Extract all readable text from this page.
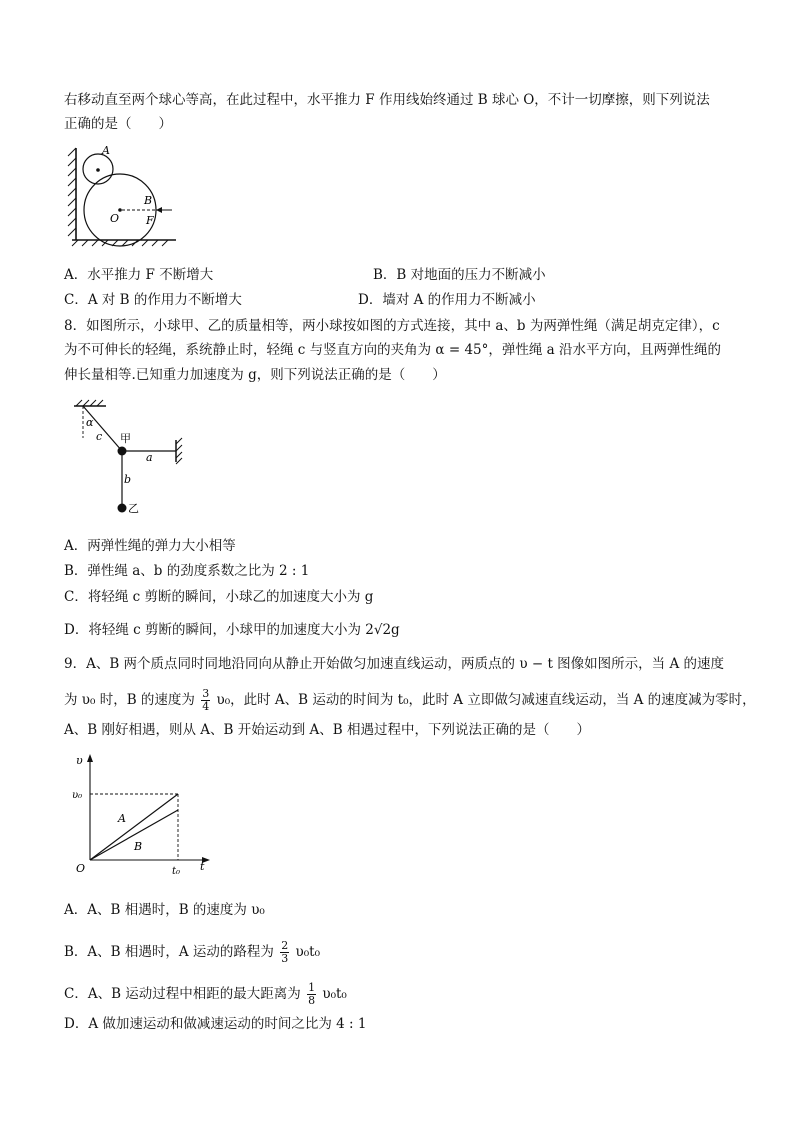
右移动直至两个球心等高，在此过程中，水平推力 F 作用线始终通过 B 球心 O，不计一切摩擦，则下列说法
正确的是（　　）
A
B
O F
A．水平推力 F 不断增大	B．B 对地面的压力不断减小
C．A 对 B 的作用力不断增大	D．墙对 A 的作用力不断减小
8．如图所示，小球甲、乙的质量相等，两小球按如图的方式连接，其中 a、b 为两弹性绳（满足胡克定律），c
为不可伸长的轻绳，系统静止时，轻绳 c 与竖直方向的夹角为 α = 45°，弹性绳 a 沿水平方向，且两弹性绳的
伸长量相等.已知重力加速度为 g，则下列说法正确的是（　　）
α
c 甲
a
b
乙
A．两弹性绳的弹力大小相等
B．弹性绳 a、b 的劲度系数之比为 2 : 1
C．将轻绳 c 剪断的瞬间，小球乙的加速度大小为 g
D．将轻绳 c 剪断的瞬间，小球甲的加速度大小为 2√2g
9．A、B 两个质点同时同地沿同向从静止开始做匀加速直线运动，两质点的 υ − t 图像如图所示，当 A 的速度
为 υ₀ 时，B 的速度为 $\frac{3}{4} \upsilon_0$，此时 A、B 运动的时间为 t₀，此时 A 立即做匀减速直线运动，当 A 的速度减为零时，
A、B 刚好相遇，则从 A、B 开始运动到 A、B 相遇过程中，下列说法正确的是（　　）
υ
υ₀
A
B
O	t₀ t
A．A、B 相遇时，B 的速度为 υ₀
B．A、B 相遇时，A 运动的路程为 $\frac{2}{3} \upsilon_0t_0$
C．A、B 运动过程中相距的最大距离为 $\frac{1}{8} \upsilon_0t_0$
D．A 做加速运动和做减速运动的时间之比为 4 : 1
